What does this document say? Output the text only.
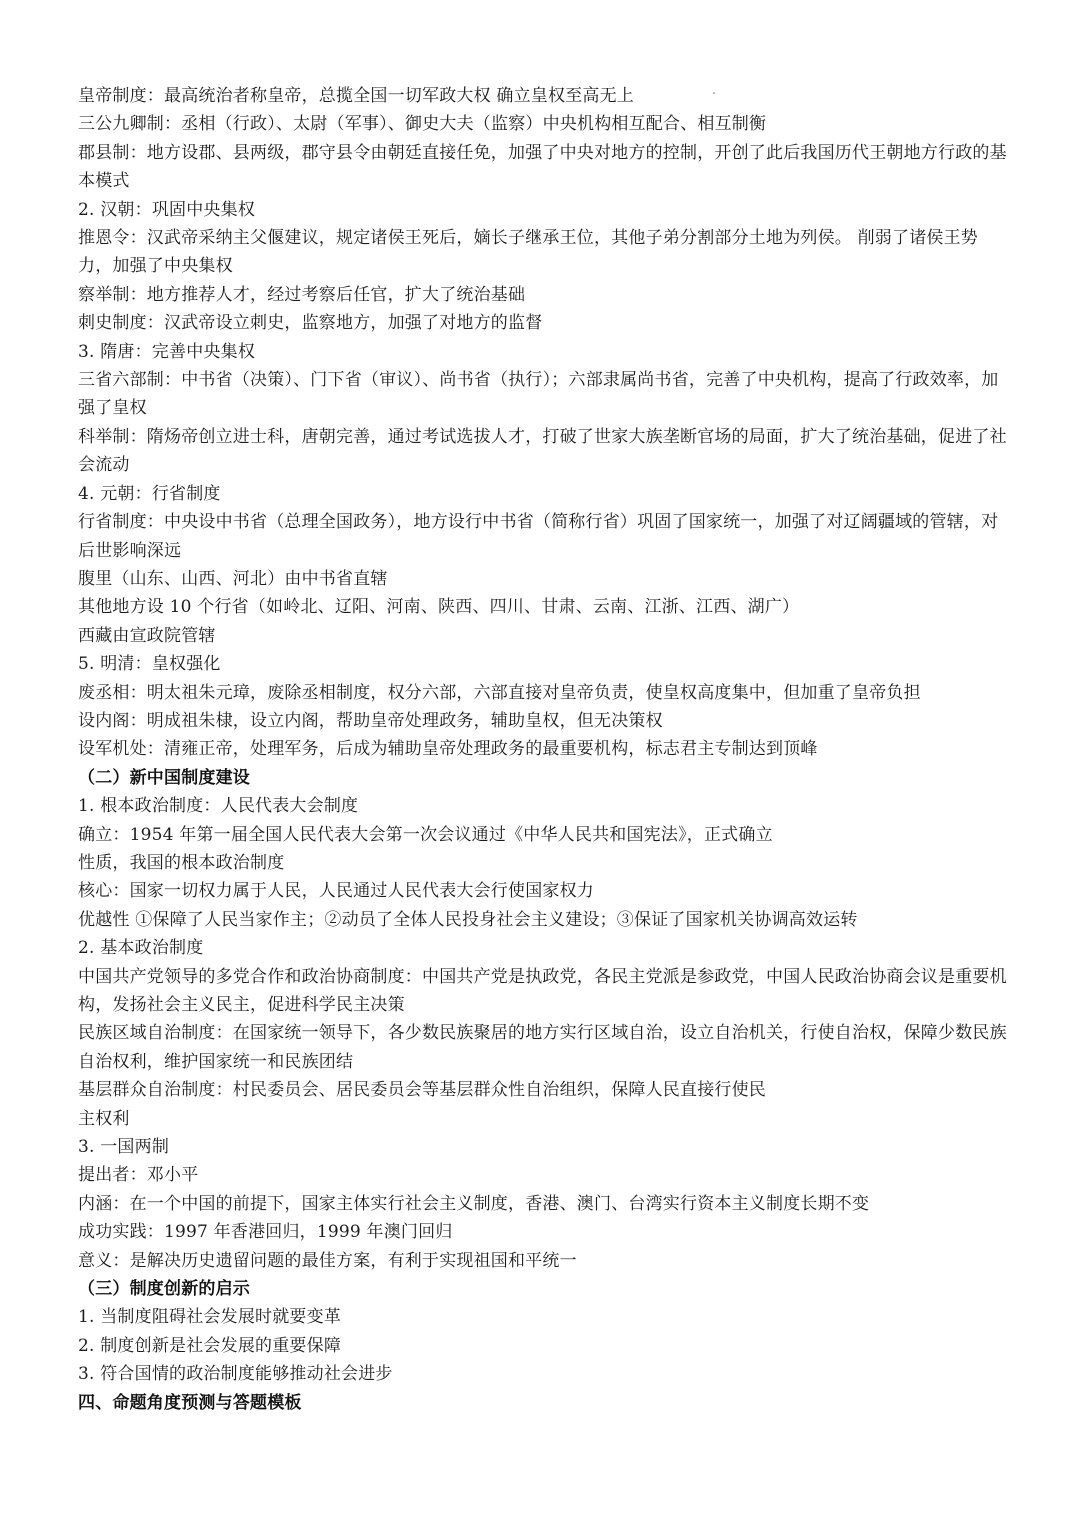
皇帝制度：最高统治者称皇帝，总揽全国一切军政大权 确立皇权至高无上

三公九卿制：丞相（行政）、太尉（军事）、御史大夫（监察）中央机构相互配合、相互制衡

郡县制：地方设郡、县两级，郡守县令由朝廷直接任免，加强了中央对地方的控制，开创了此后我国历代王朝地方行政的基本模式

2. 汉朝：巩固中央集权

推恩令：汉武帝采纳主父偃建议，规定诸侯王死后，嫡长子继承王位，其他子弟分割部分土地为列侯。 削弱了诸侯王势力，加强了中央集权

察举制：地方推荐人才，经过考察后任官，扩大了统治基础

刺史制度：汉武帝设立刺史，监察地方，加强了对地方的监督

3. 隋唐：完善中央集权

三省六部制：中书省（决策）、门下省（审议）、尚书省（执行）；六部隶属尚书省，完善了中央机构，提高了行政效率，加强了皇权

科举制：隋炀帝创立进士科，唐朝完善，通过考试选拔人才，打破了世家大族垄断官场的局面，扩大了统治基础，促进了社会流动

4. 元朝：行省制度

行省制度：中央设中书省（总理全国政务），地方设行中书省（简称行省）巩固了国家统一，加强了对辽阔疆域的管辖，对后世影响深远

腹里（山东、山西、河北）由中书省直辖

其他地方设 10 个行省（如岭北、辽阳、河南、陕西、四川、甘肃、云南、江浙、江西、湖广）

西藏由宣政院管辖

5. 明清：皇权强化

废丞相：明太祖朱元璋，废除丞相制度，权分六部，六部直接对皇帝负责，使皇权高度集中，但加重了皇帝负担

设内阁：明成祖朱棣，设立内阁，帮助皇帝处理政务，辅助皇权，但无决策权

设军机处：清雍正帝，处理军务，后成为辅助皇帝处理政务的最重要机构，标志君主专制达到顶峰

（二）新中国制度建设

1. 根本政治制度：人民代表大会制度

确立：1954 年第一届全国人民代表大会第一次会议通过《中华人民共和国宪法》，正式确立

性质，我国的根本政治制度

核心：国家一切权力属于人民，人民通过人民代表大会行使国家权力

优越性 ①保障了人民当家作主；②动员了全体人民投身社会主义建设；③保证了国家机关协调高效运转

2. 基本政治制度

中国共产党领导的多党合作和政治协商制度：中国共产党是执政党，各民主党派是参政党，中国人民政治协商会议是重要机构，发扬社会主义民主，促进科学民主决策

民族区域自治制度：在国家统一领导下，各少数民族聚居的地方实行区域自治，设立自治机关，行使自治权，保障少数民族自治权利，维护国家统一和民族团结

基层群众自治制度：村民委员会、居民委员会等基层群众性自治组织，保障人民直接行使民

主权利

3. 一国两制

提出者：邓小平

内涵：在一个中国的前提下，国家主体实行社会主义制度，香港、澳门、台湾实行资本主义制度长期不变

成功实践：1997 年香港回归，1999 年澳门回归

意义：是解决历史遗留问题的最佳方案，有利于实现祖国和平统一

（三）制度创新的启示

1. 当制度阻碍社会发展时就要变革

2. 制度创新是社会发展的重要保障

3. 符合国情的政治制度能够推动社会进步

四、命题角度预测与答题模板
